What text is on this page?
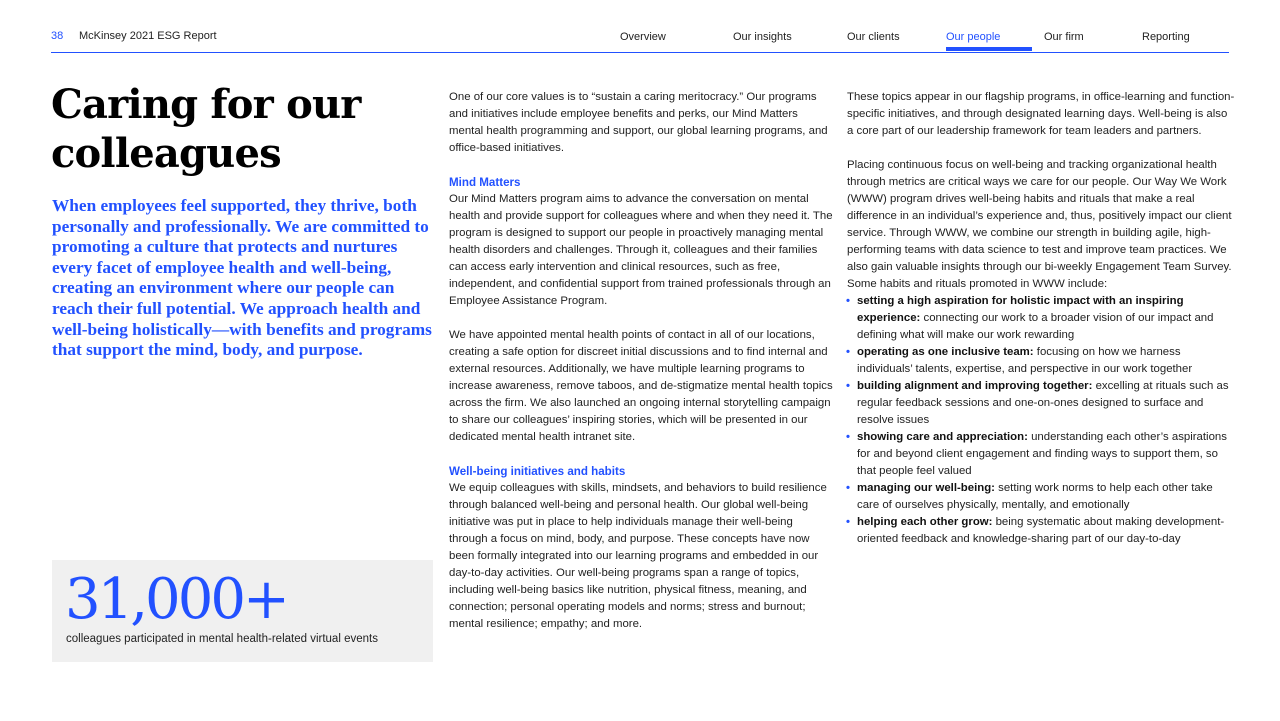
38 McKinsey 2021 ESG Report	Overview	Our insights	Our clients	Our people	Our firm	Reporting
Caring for our colleagues

When employees feel supported, they thrive, both personally and professionally. We are committed to promoting a culture that protects and nurtures every facet of employee health and well-being, creating an environment where our people can reach their full potential. We approach health and well-being holistically—with benefits and programs that support the mind, body, and purpose.

31,000+
colleagues participated in mental health-related virtual events

One of our core values is to “sustain a caring meritocracy.” Our programs and initiatives include employee benefits and perks, our Mind Matters mental health programming and support, our global learning programs, and office-based initiatives.

Mind Matters

Our Mind Matters program aims to advance the conversation on mental health and provide support for colleagues where and when they need it. The program is designed to support our people in proactively managing mental health disorders and challenges. Through it, colleagues and their families can access early intervention and clinical resources, such as free, independent, and confidential support from trained professionals through an Employee Assistance Program.

We have appointed mental health points of contact in all of our locations, creating a safe option for discreet initial discussions and to find internal and external resources. Additionally, we have multiple learning programs to increase awareness, remove taboos, and de-stigmatize mental health topics across the firm. We also launched an ongoing internal storytelling campaign to share our colleagues’ inspiring stories, which will be presented in our dedicated mental health intranet site.

Well-being initiatives and habits

We equip colleagues with skills, mindsets, and behaviors to build resilience through balanced well-being and personal health. Our global well-being initiative was put in place to help individuals manage their well-being through a focus on mind, body, and purpose. These concepts have now been formally integrated into our learning programs and embedded in our day-to-day activities. Our well-being programs span a range of topics, including well-being basics like nutrition, physical fitness, meaning, and connection; personal operating models and norms; stress and burnout; mental resilience; empathy; and more.

These topics appear in our flagship programs, in office-learning and function-specific initiatives, and through designated learning days. Well-being is also a core part of our leadership framework for team leaders and partners.

Placing continuous focus on well-being and tracking organizational health through metrics are critical ways we care for our people. Our Way We Work (WWW) program drives well-being habits and rituals that make a real difference in an individual’s experience and, thus, positively impact our client service. Through WWW, we combine our strength in building agile, high-performing teams with data science to test and improve team practices. We also gain valuable insights through our bi-weekly Engagement Team Survey. Some habits and rituals promoted in WWW include:

• setting a high aspiration for holistic impact with an inspiring experience: connecting our work to a broader vision of our impact and defining what will make our work rewarding
• operating as one inclusive team: focusing on how we harness individuals’ talents, expertise, and perspective in our work together
• building alignment and improving together: excelling at rituals such as regular feedback sessions and one-on-ones designed to surface and resolve issues
• showing care and appreciation: understanding each other’s aspirations for and beyond client engagement and finding ways to support them, so that people feel valued
• managing our well-being: setting work norms to help each other take care of ourselves physically, mentally, and emotionally
• helping each other grow: being systematic about making development-oriented feedback and knowledge-sharing part of our day-to-day
